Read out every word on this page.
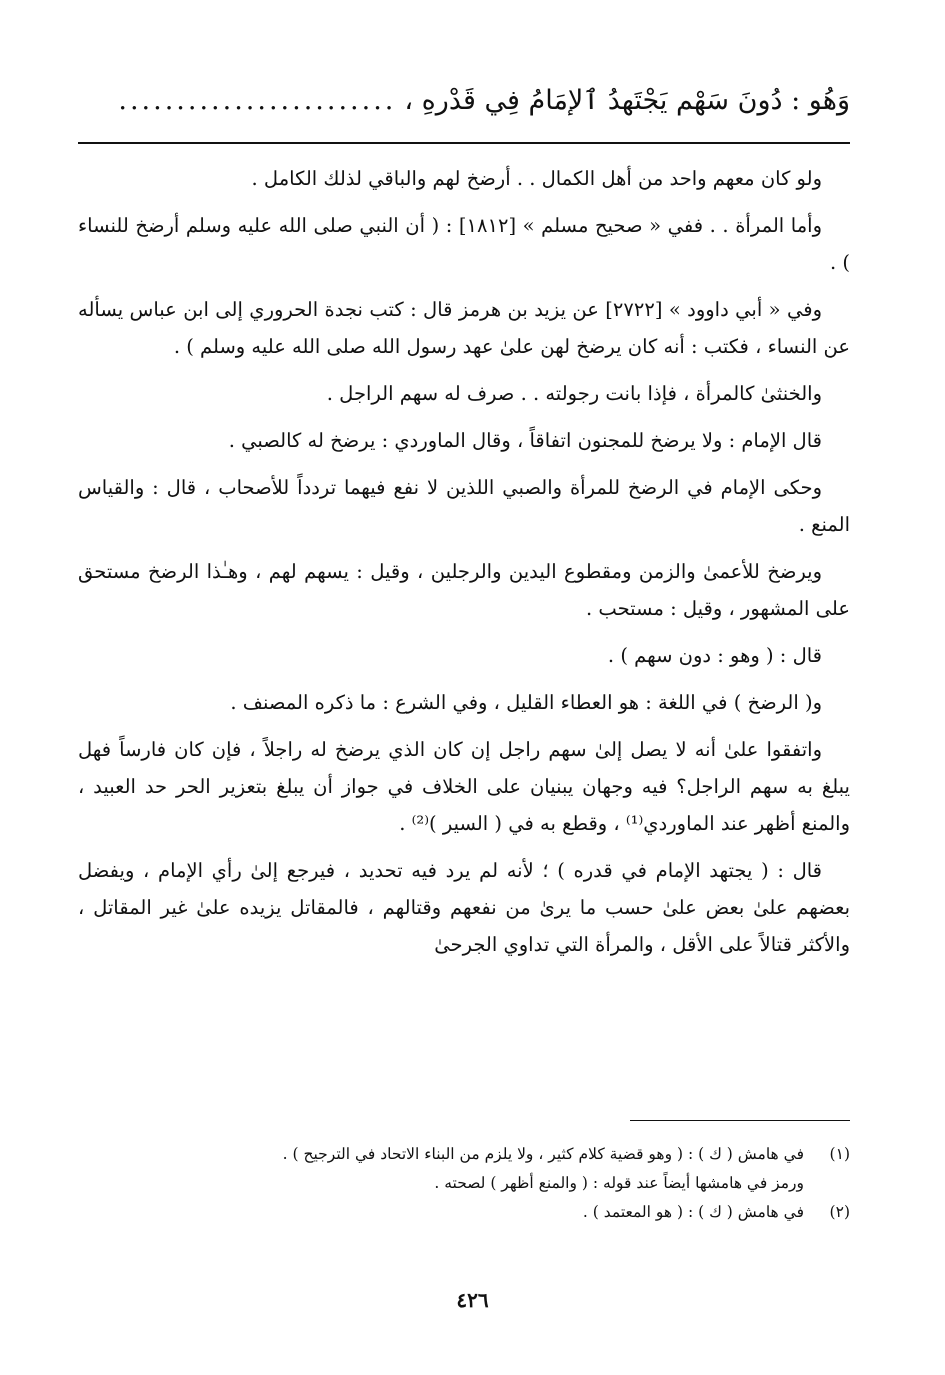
وَهُو : دُونَ سَهْمٍ يَجْتَهِدُ ٱلإِمَامُ فِي قَدْرِهِ ،
........................

ولو كان معهم واحد من أهل الكمال . . أرضخ لهم والباقي لذلك الكامل .

وأما المرأة . . ففي « صحيح مسلم » [١٨١٢] : ( أن النبي صلى الله عليه وسلم أرضخ للنساء ) .

وفي « أبي داوود » [٢٧٢٢] عن يزيد بن هرمز قال : كتب نجدة الحروري إلى ابن عباس يسأله عن النساء ، فكتب : أنه كان يرضخ لهن علىٰ عهد رسول الله صلى الله عليه وسلم ) .

والخنثىٰ كالمرأة ، فإذا بانت رجولته . . صرف له سهم الراجل .

قال الإمام : ولا يرضخ للمجنون اتفاقاً ، وقال الماوردي : يرضخ له كالصبي .

وحكى الإمام في الرضخ للمرأة والصبي اللذين لا نفع فيهما تردداً للأصحاب ، قال : والقياس المنع .

ويرضخ للأعمىٰ والزمن ومقطوع اليدين والرجلين ، وقيل : يسهم لهم ، وهـٰذا الرضخ مستحق على المشهور ، وقيل : مستحب .

قال : ( وهو : دون سهم ) .

و( الرضخ ) في اللغة : هو العطاء القليل ، وفي الشرع : ما ذكره المصنف .

واتفقوا علىٰ أنه لا يصل إلىٰ سهم راجل إن كان الذي يرضخ له راجلاً ، فإن كان فارساً فهل يبلغ به سهم الراجل؟ فيه وجهان يبنيان على الخلاف في جواز أن يبلغ بتعزير الحر حد العبيد ، والمنع أظهر عند الماوردي⁽¹⁾ ، وقطع به في ( السير )⁽²⁾ .

قال : ( يجتهد الإمام في قدره ) ؛ لأنه لم يرد فيه تحديد ، فيرجع إلىٰ رأي الإمام ، ويفضل بعضهم علىٰ بعض علىٰ حسب ما يرىٰ من نفعهم وقتالهم ، فالمقاتل يزيده علىٰ غير المقاتل ، والأكثر قتالاً على الأقل ، والمرأة التي تداوي الجرحىٰ

(١)
في هامش ( ك ) : ( وهو قضية كلام كثير ، ولا يلزم من البناء الاتحاد في الترجيح ) .
ورمز في هامشها أيضاً عند قوله : ( والمنع أظهر ) لصحته .
(٢)
في هامش ( ك ) : ( هو المعتمد ) .
٤٢٦
